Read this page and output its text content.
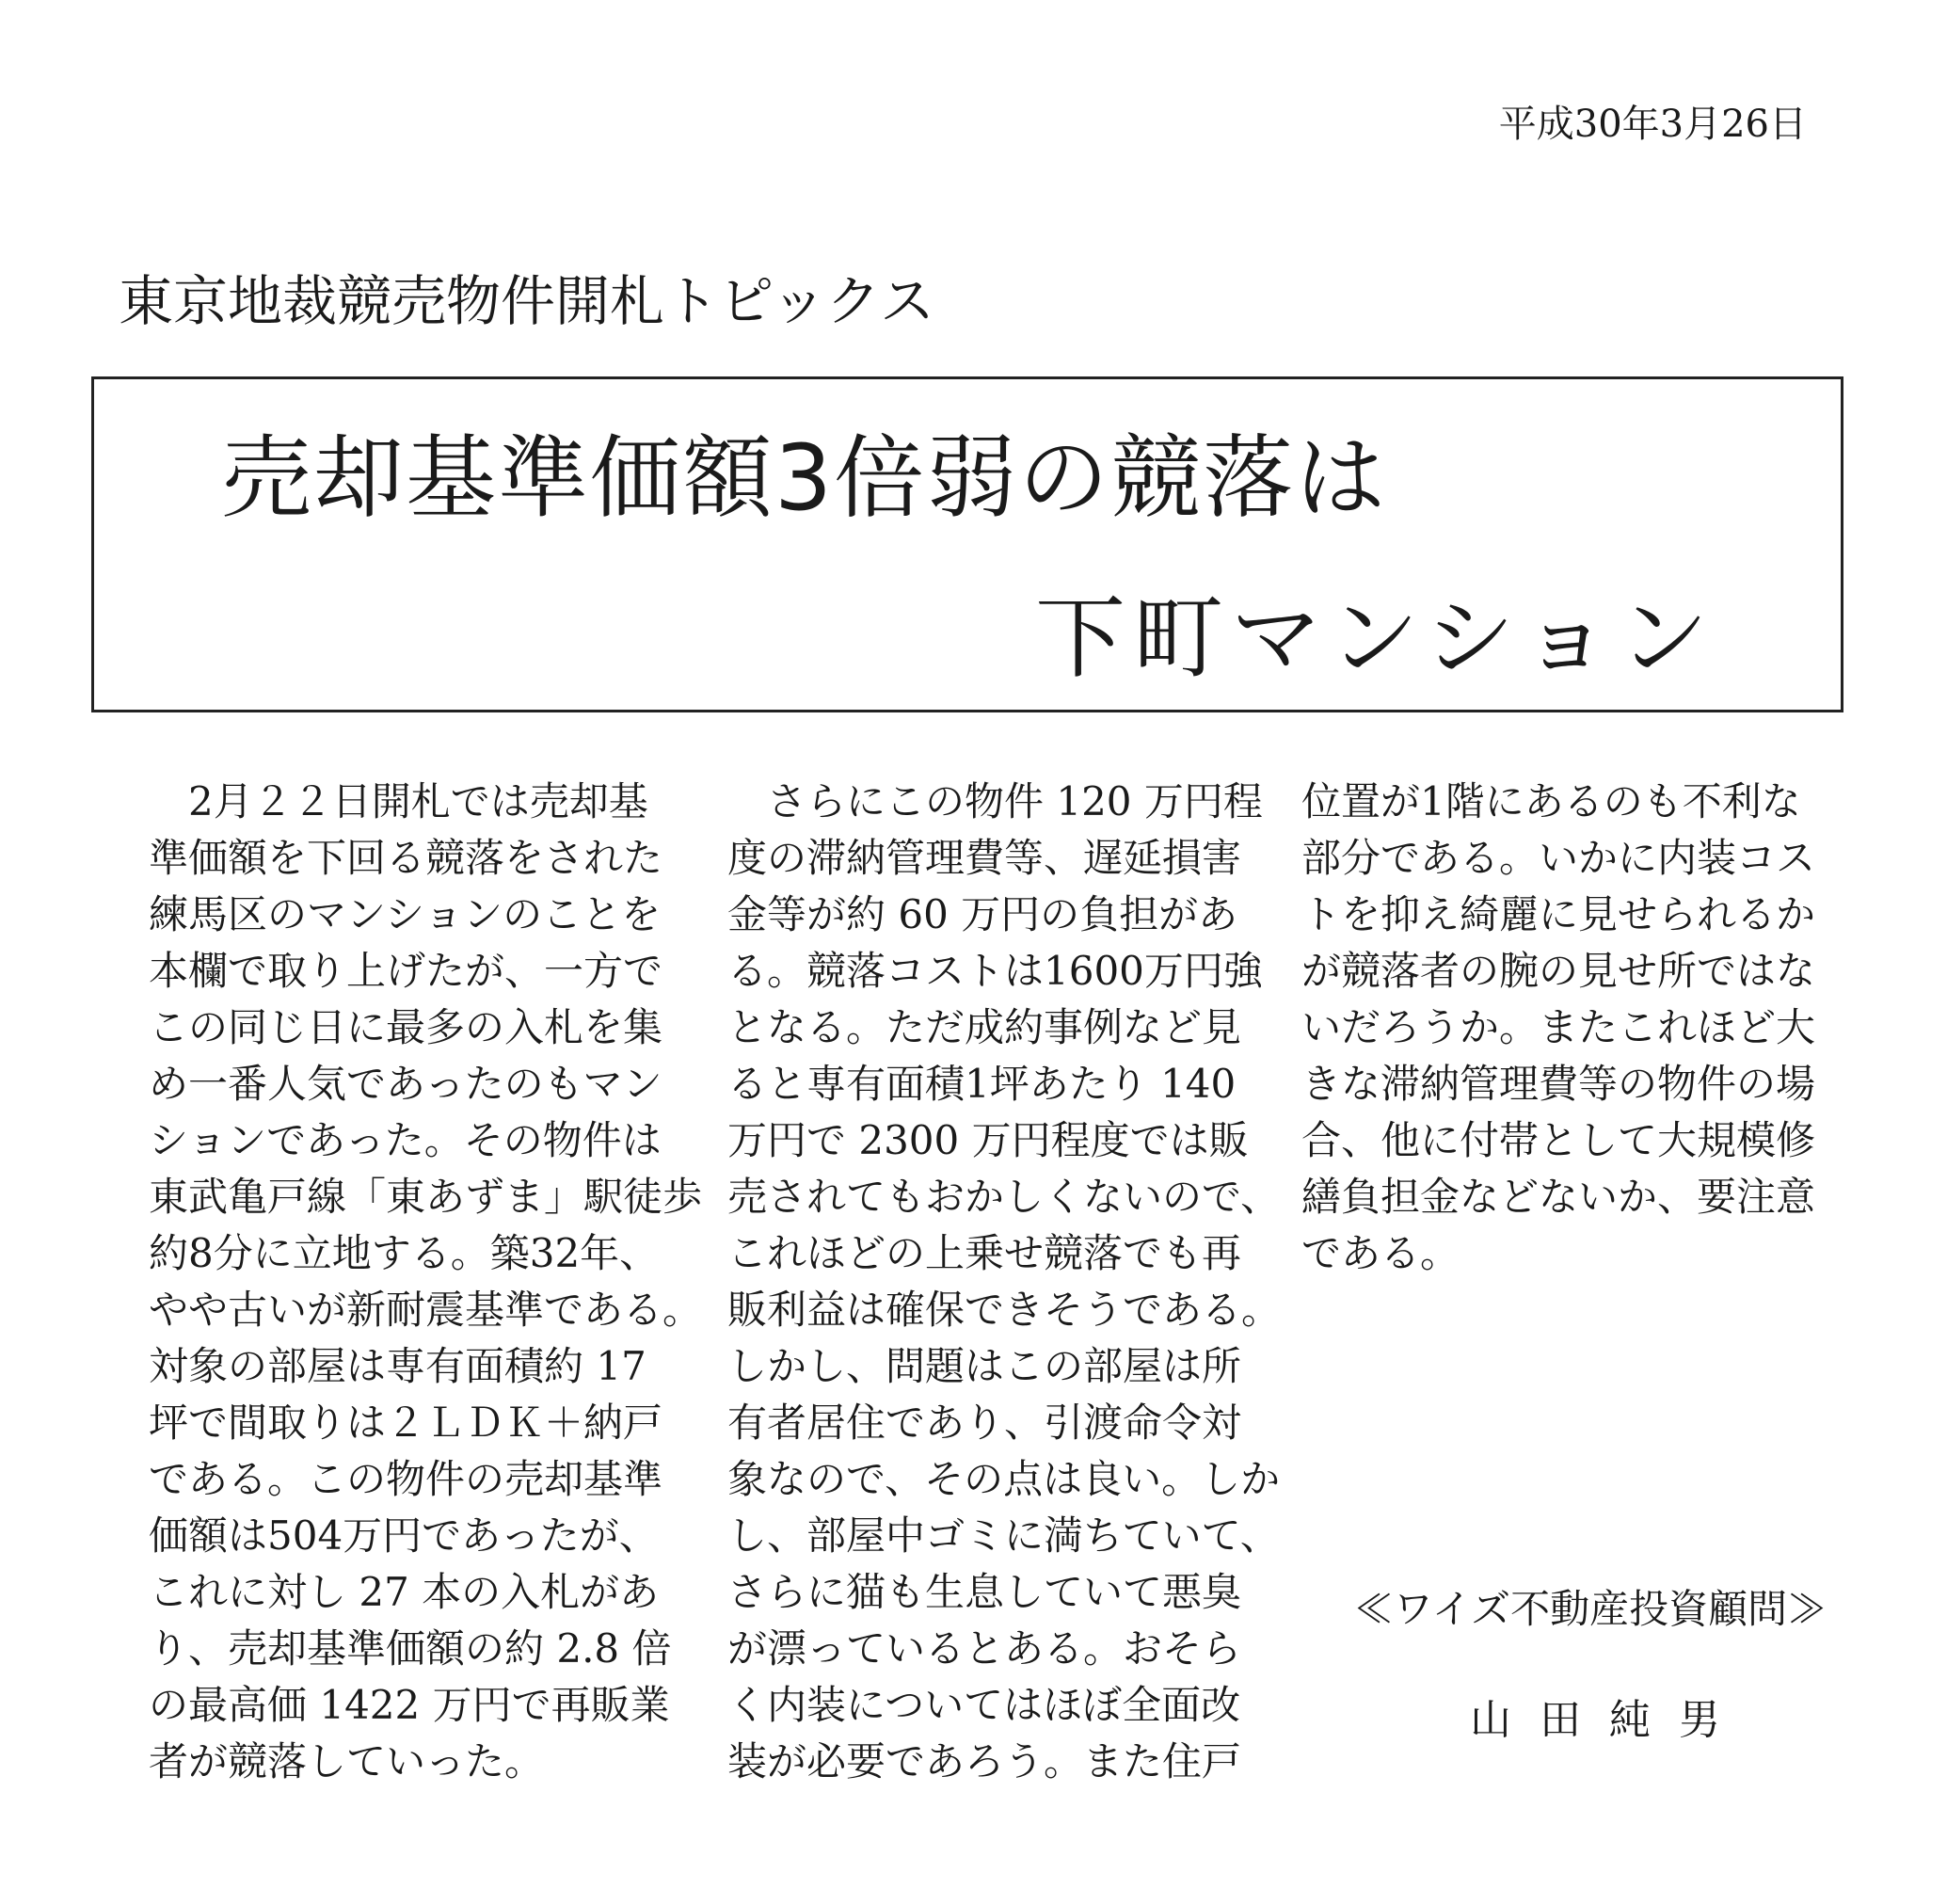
平成30年3月26日
東京地裁競売物件開札トピックス
売却基準価額3倍弱の競落は
下町マンション
　2月２２日開札では売却基
準価額を下回る競落をされた
練馬区のマンションのことを
本欄で取り上げたが、一方で
この同じ日に最多の入札を集
め一番人気であったのもマン
ションであった。その物件は
東武亀戸線「東あずま」駅徒歩
約8分に立地する。築32年、
やや古いが新耐震基準である。
対象の部屋は専有面積約 17
坪で間取りは２ＬＤＫ＋納戸
である。この物件の売却基準
価額は504万円であったが、
これに対し 27 本の入札があ
り、売却基準価額の約 2.8 倍
の最高価 1422 万円で再販業
者が競落していった。
　さらにこの物件 120 万円程
度の滞納管理費等、遅延損害
金等が約 60 万円の負担があ
る。競落コストは1600万円強
となる。ただ成約事例など見
ると専有面積1坪あたり 140
万円で 2300 万円程度では販
売されてもおかしくないので、
これほどの上乗せ競落でも再
販利益は確保できそうである。
しかし、問題はこの部屋は所
有者居住であり、引渡命令対
象なので、その点は良い。しか
し、部屋中ゴミに満ちていて、
さらに猫も生息していて悪臭
が漂っているとある。おそら
く内装についてはほぼ全面改
装が必要であろう。また住戸
位置が1階にあるのも不利な
部分である。いかに内装コス
トを抑え綺麗に見せられるか
が競落者の腕の見せ所ではな
いだろうか。またこれほど大
きな滞納管理費等の物件の場
合、他に付帯として大規模修
繕負担金などないか、要注意
である。
≪ワイズ不動産投資顧問≫
山田純男
